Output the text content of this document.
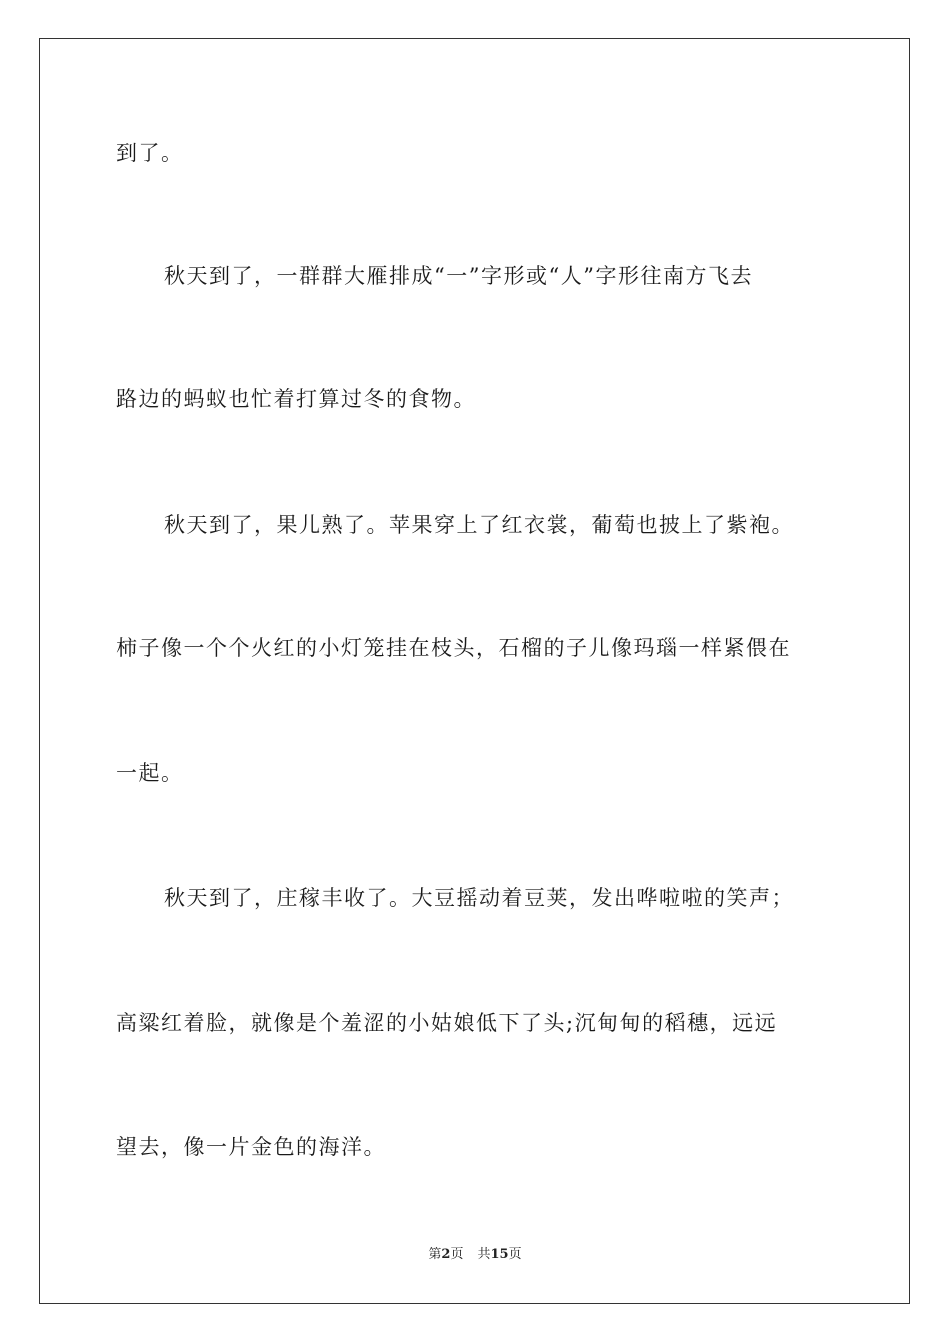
到了。
秋天到了，一群群大雁排成“一”字形或“人”字形往南方飞去
路边的蚂蚁也忙着打算过冬的食物。
秋天到了，果儿熟了。苹果穿上了红衣裳，葡萄也披上了紫袍。
柿子像一个个火红的小灯笼挂在枝头，石榴的子儿像玛瑙一样紧偎在
一起。
秋天到了，庄稼丰收了。大豆摇动着豆荚，发出哗啦啦的笑声；
高粱红着脸，就像是个羞涩的小姑娘低下了头;沉甸甸的稻穗，远远
望去，像一片金色的海洋。
第2页 共15页
